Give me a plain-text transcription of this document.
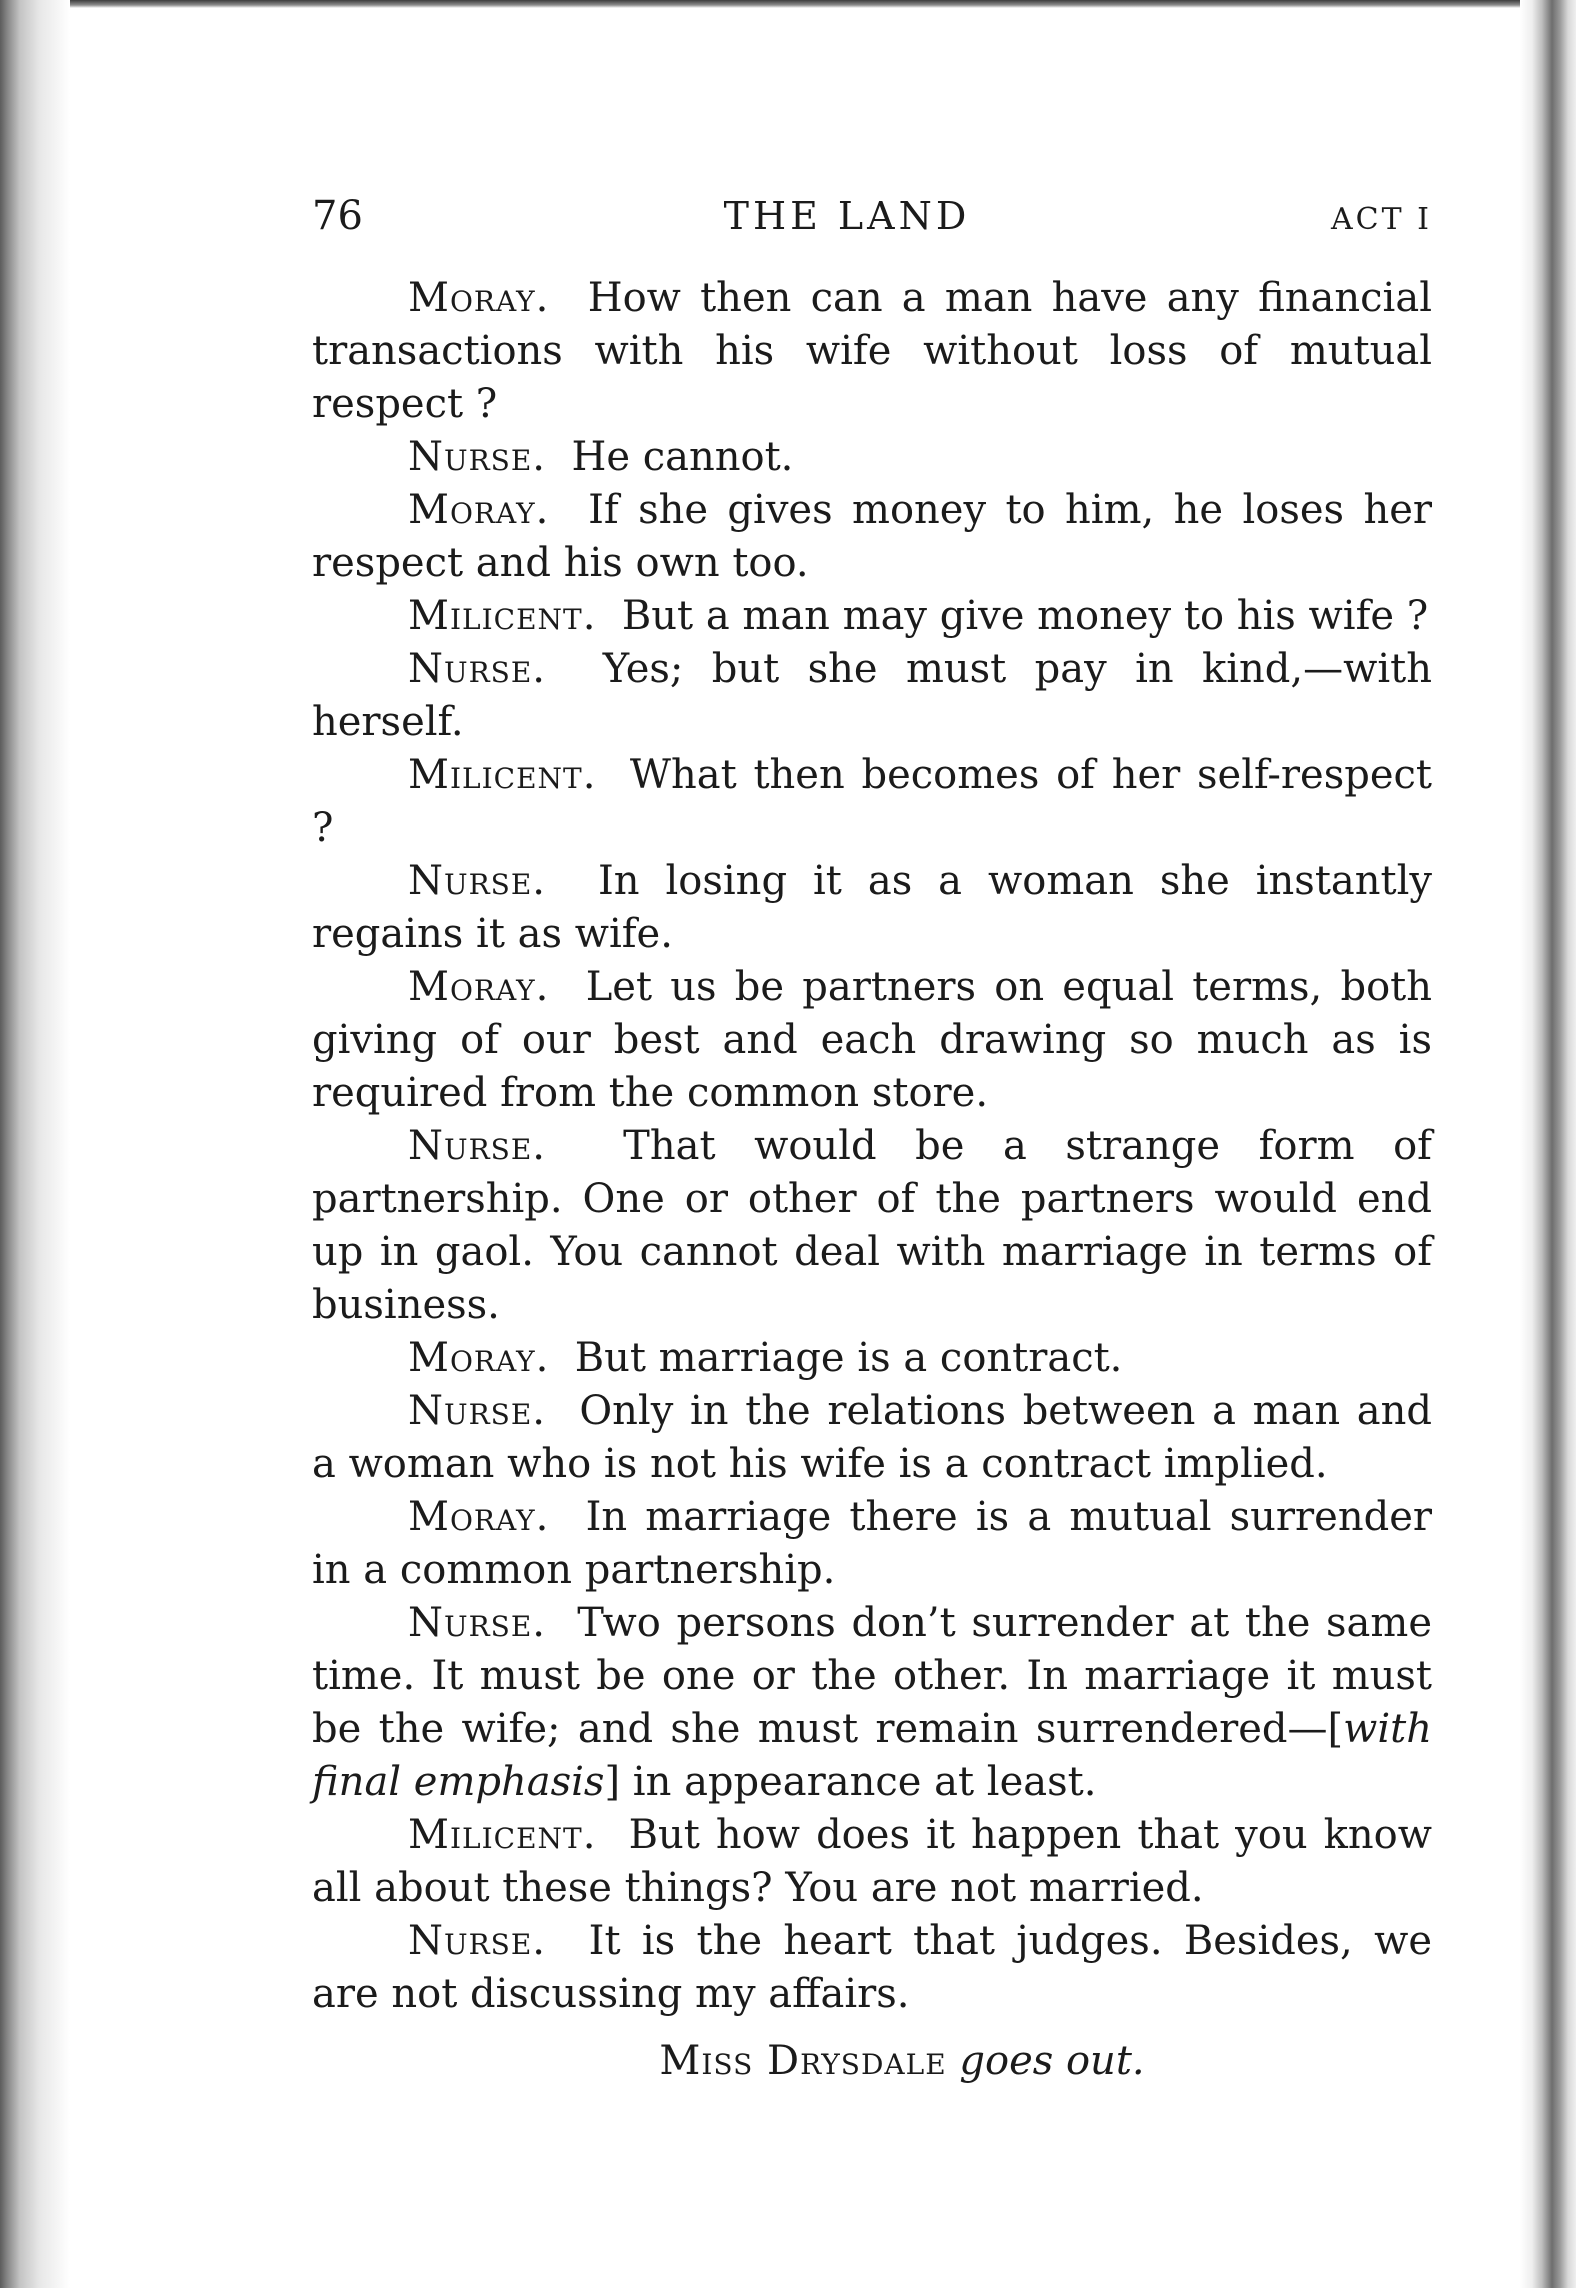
76	THE LAND	ACT I

Moray. How then can a man have any financial transactions with his wife without loss of mutual respect ?

Nurse. He cannot.

Moray. If she gives money to him, he loses her respect and his own too.

Milicent. But a man may give money to his wife ?

Nurse. Yes; but she must pay in kind,—with herself.

Milicent. What then becomes of her self-respect ?

Nurse. In losing it as a woman she instantly regains it as wife.

Moray. Let us be partners on equal terms, both giving of our best and each drawing so much as is required from the common store.

Nurse. That would be a strange form of partnership. One or other of the partners would end up in gaol. You cannot deal with marriage in terms of business.

Moray. But marriage is a contract.

Nurse. Only in the relations between a man and a woman who is not his wife is a contract implied.

Moray. In marriage there is a mutual surrender in a common partnership.

Nurse. Two persons don’t surrender at the same time. It must be one or the other. In marriage it must be the wife; and she must remain surrendered—[with final emphasis] in appearance at least.

Milicent. But how does it happen that you know all about these things? You are not married.

Nurse. It is the heart that judges. Besides, we are not discussing my affairs.

Miss Drysdale goes out.
